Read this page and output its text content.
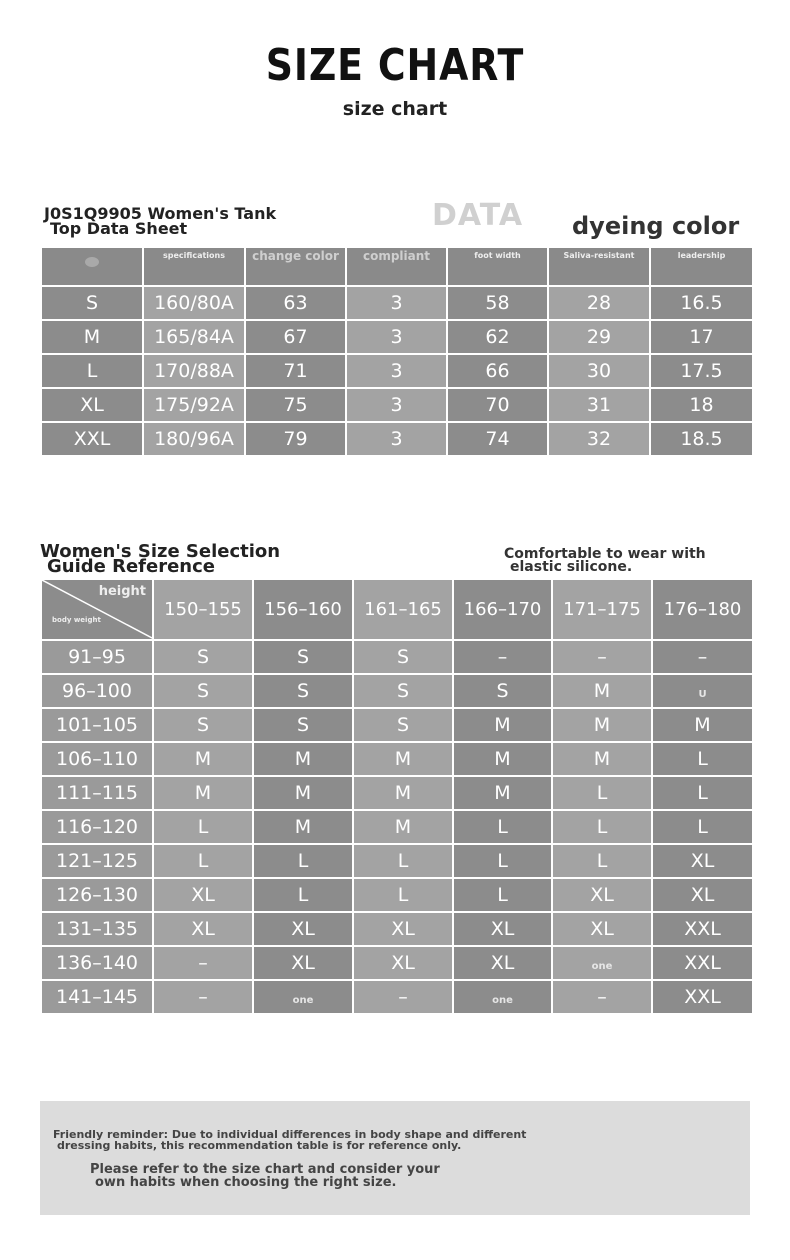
SIZE CHART
size chart
J0S1Q9905 Women's Tank
Top Data Sheet	DATA dyeing color
	specifications	change color	compliant	foot width	Saliva-resistant	leadership
S	160/80A	63	3	58	28	16.5
M	165/84A	67	3	62	29	17
L	170/88A	71	3	66	30	17.5
XL	175/92A	75	3	70	31	18
XXL	180/96A	79	3	74	32	18.5
Women's Size Selection
Guide Reference
Comfortable to wear with
elastic silicone.
height
body weight	150–155	156–160	161–165	166–170	171–175	176–180
91–95	S	S	S	–	–	–
96–100	S	S	S	S	M	U
101–105	S	S	S	M	M	M
106–110	M	M	M	M	M	L
111–115	M	M	M	M	L	L
116–120	L	M	M	L	L	L
121–125	L	L	L	L	L	XL
126–130	XL	L	L	L	XL	XL
131–135	XL	XL	XL	XL	XL	XXL
136–140	–	XL	XL	XL	one	XXL
141–145	–	one	–	one	–	XXL
Friendly reminder: Due to individual differences in body shape and different
dressing habits, this recommendation table is for reference only.
Please refer to the size chart and consider your
own habits when choosing the right size.
